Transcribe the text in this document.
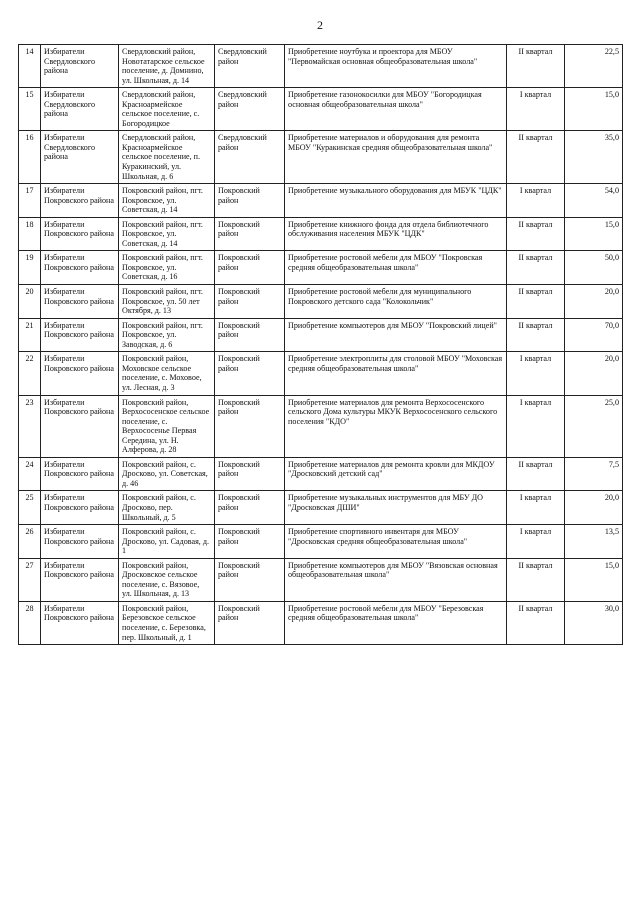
2
14	Избиратели Свердловского района	Свердловский район, Новотатарское сельское поселение, д. Домнино, ул. Школьная, д. 14	Свердловский район	Приобретение ноутбука и проектора для МБОУ "Первомайская основная общеобразовательная школа"	II квартал	22,5
15	Избиратели Свердловского района	Свердловский район, Красноармейское сельское поселение, с. Богородицкое	Свердловский район	Приобретение газонокосилки для МБОУ "Богородицкая основная общеобразовательная школа"	I квартал	15,0
16	Избиратели Свердловского района	Свердловский район, Красноармейское сельское поселение, п. Куракинский, ул. Школьная, д. 6	Свердловский район	Приобретение материалов и оборудования для ремонта МБОУ "Куракинская средняя общеобразовательная школа"	II квартал	35,0
17	Избиратели Покровского района	Покровский район, пгт. Покровское, ул. Советская, д. 14	Покровский район	Приобретение музыкального оборудования для МБУК "ЦДК"	I квартал	54,0
18	Избиратели Покровского района	Покровский район, пгт. Покровское, ул. Советская, д. 14	Покровский район	Приобретение книжного фонда для отдела библиотечного обслуживания населения МБУК "ЦДК"	II квартал	15,0
19	Избиратели Покровского района	Покровский район, пгт. Покровское, ул. Советская, д. 16	Покровский район	Приобретение ростовой мебели для МБОУ "Покровская средняя общеобразовательная школа"	II квартал	50,0
20	Избиратели Покровского района	Покровский район, пгт. Покровское, ул. 50 лет Октября, д. 13	Покровский район	Приобретение ростовой мебели для муниципального Покровского детского сада "Колокольчик"	II квартал	20,0
21	Избиратели Покровского района	Покровский район, пгт. Покровское, ул. Заводская, д. 6	Покровский район	Приобретение компьютеров для МБОУ "Покровский лицей"	II квартал	70,0
22	Избиратели Покровского района	Покровский район, Моховское сельское поселение, с. Моховое, ул. Лесная, д. 3	Покровский район	Приобретение электроплиты для столовой МБОУ "Моховская средняя общеобразовательная школа"	I квартал	20,0
23	Избиратели Покровского района	Покровский район, Верхососенское сельское поселение, с. Верхососенье Первая Середина, ул. Н. Алферова, д. 28	Покровский район	Приобретение материалов для ремонта Верхососенского сельского Дома культуры МКУК Верхососенского сельского поселения "КДО"	I квартал	25,0
24	Избиратели Покровского района	Покровский район, с. Дросково, ул. Советская, д. 46	Покровский район	Приобретение материалов для ремонта кровли для МКДОУ "Дросковский детский сад"	II квартал	7,5
25	Избиратели Покровского района	Покровский район, с. Дросково, пер. Школьный, д. 5	Покровский район	Приобретение музыкальных инструментов для МБУ ДО "Дросковская ДШИ"	I квартал	20,0
26	Избиратели Покровского района	Покровский район, с. Дросково, ул. Садовая, д. 1	Покровский район	Приобретение спортивного инвентаря для МБОУ "Дросковская средняя общеобразовательная школа"	I квартал	13,5
27	Избиратели Покровского района	Покровский район, Дросковское сельское поселение, с. Вязовое, ул. Школьная, д. 13	Покровский район	Приобретение компьютеров для МБОУ "Вязовская основная общеобразовательная школа"	II квартал	15,0
28	Избиратели Покровского района	Покровский район, Березовское сельское поселение, с. Березовка, пер. Школьный, д. 1	Покровский район	Приобретение ростовой мебели для МБОУ "Березовская средняя общеобразовательная школа"	II квартал	30,0
